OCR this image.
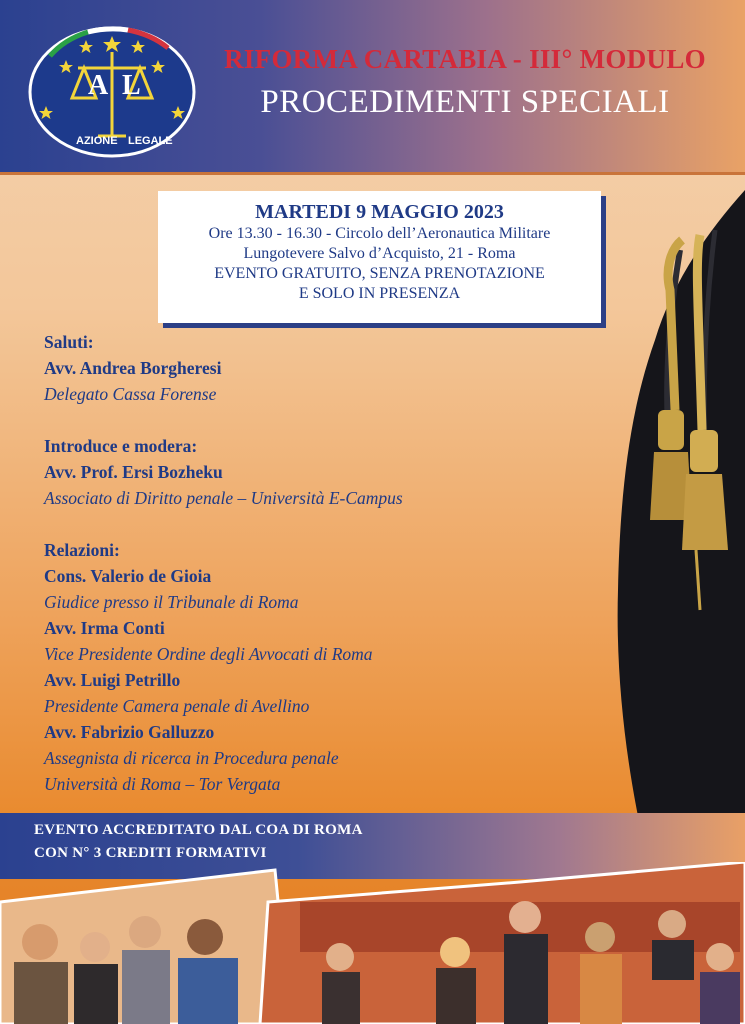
A L
AZIONE LEGALE
RIFORMA CARTABIA - III° MODULO
PROCEDIMENTI SPECIALI
MARTEDI 9 MAGGIO 2023
Ore 13.30 - 16.30 - Circolo dell’Aeronautica Militare
Lungotevere Salvo d’Acquisto, 21 - Roma
EVENTO GRATUITO, SENZA PRENOTAZIONE
E SOLO IN PRESENZA
Saluti:
Avv. Andrea Borgheresi
Delegato Cassa Forense
Introduce e modera:
Avv. Prof. Ersi Bozheku
Associato di Diritto penale – Università E-Campus
Relazioni:
Cons. Valerio de Gioia
Giudice presso il Tribunale di Roma
Avv. Irma Conti
Vice Presidente Ordine degli Avvocati di Roma
Avv. Luigi Petrillo
Presidente Camera penale di Avellino
Avv. Fabrizio Galluzzo
Assegnista di ricerca in Procedura penale
Università di Roma – Tor Vergata
EVENTO ACCREDITATO DAL COA DI ROMA
CON N° 3 CREDITI FORMATIVI
